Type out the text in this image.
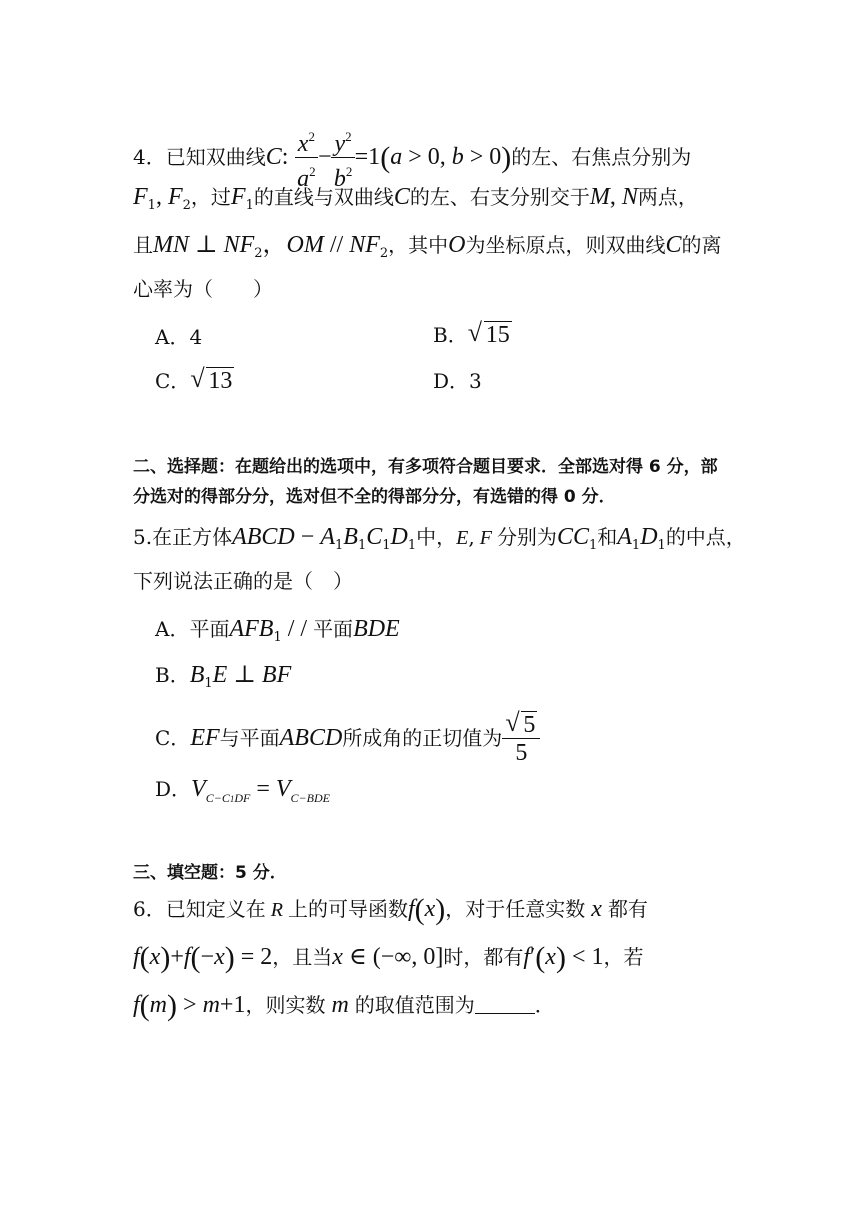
4．已知双曲线C: $\frac{x^2}{a^2} - \frac{y^2}{b^2} =1(a > 0$, b > 0)的左、右焦点分别为
$F_1$, $F_2$，过$F_1$的直线与双曲线C的左、右支分别交于M, N两点，
且MN ⊥ $NF_2$，OM // $NF_2$，其中O为坐标原点，则双曲线C的离
心率为（　　）
A．4	B． √ 15
C． √ 13	D．3
二、选择题：在题给出的选项中，有多项符合题目要求．全部选对得 6 分，部
分选对的得部分分，选对但不全的得部分分，有选错的得 0 分．
5.在正方体ABCD − $A_1B_1C_1D_1$中，E, F 分别为$CC_1$和$A_1D_1$的中点，
下列说法正确的是（　）
A．平面$AFB_1$ / / 平面BDE
B．$B_1E$ ⊥ BF
C．EF与平面ABCD所成角的正切值为 $\frac{√ 5}{5}$
D．$V_{C-C1DF} = V_{C-BDE}$
三、填空题：5 分．
6．已知定义在 R 上的可导函数f(x)，对于任意实数 x 都有
f(x)+f(−x) = 2，且当x ∈ (−∞, 0]时，都有f′(x) < 1，若
f(m) > m+1，则实数 m 的取值范围为	．
